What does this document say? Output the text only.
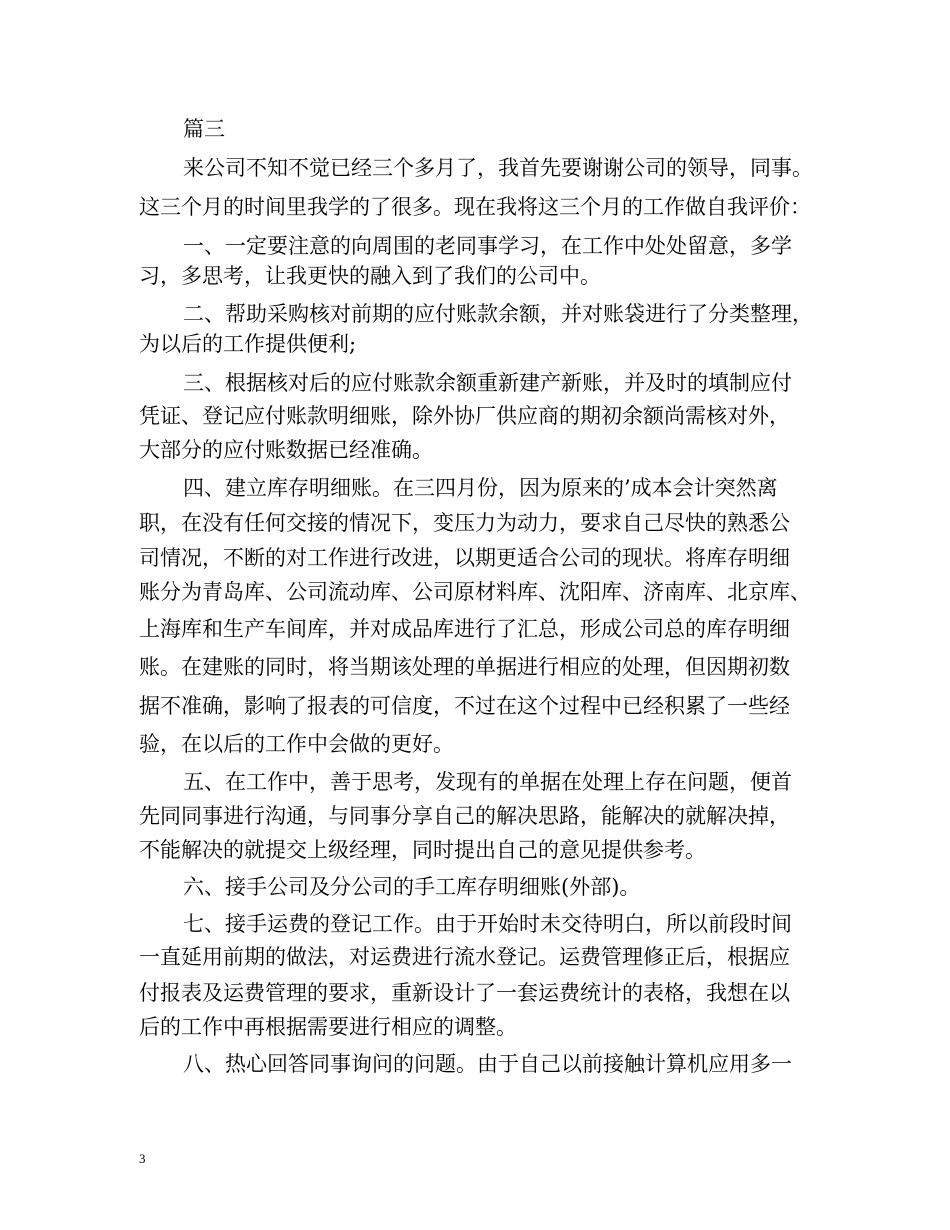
篇三
来公司不知不觉已经三个多月了，我首先要谢谢公司的领导，同事。
这三个月的时间里我学的了很多。现在我将这三个月的工作做自我评价：
一、一定要注意的向周围的老同事学习，在工作中处处留意，多学
习，多思考，让我更快的融入到了我们的公司中。
二、帮助采购核对前期的应付账款余额，并对账袋进行了分类整理，
为以后的工作提供便利;
三、根据核对后的应付账款余额重新建产新账，并及时的填制应付
凭证、登记应付账款明细账，除外协厂供应商的期初余额尚需核对外，
大部分的应付账数据已经准确。
四、建立库存明细账。在三四月份，因为原来的’成本会计突然离
职，在没有任何交接的情况下，变压力为动力，要求自己尽快的熟悉公
司情况，不断的对工作进行改进，以期更适合公司的现状。将库存明细
账分为青岛库、公司流动库、公司原材料库、沈阳库、济南库、北京库、
上海库和生产车间库，并对成品库进行了汇总，形成公司总的库存明细
账。在建账的同时，将当期该处理的单据进行相应的处理，但因期初数
据不准确，影响了报表的可信度，不过在这个过程中已经积累了一些经
验，在以后的工作中会做的更好。
五、在工作中，善于思考，发现有的单据在处理上存在问题，便首
先同同事进行沟通，与同事分享自己的解决思路，能解决的就解决掉，
不能解决的就提交上级经理，同时提出自己的意见提供参考。
六、接手公司及分公司的手工库存明细账(外部)。
七、接手运费的登记工作。由于开始时未交待明白，所以前段时间
一直延用前期的做法，对运费进行流水登记。运费管理修正后，根据应
付报表及运费管理的要求，重新设计了一套运费统计的表格，我想在以
后的工作中再根据需要进行相应的调整。
八、热心回答同事询问的问题。由于自己以前接触计算机应用多一
3
